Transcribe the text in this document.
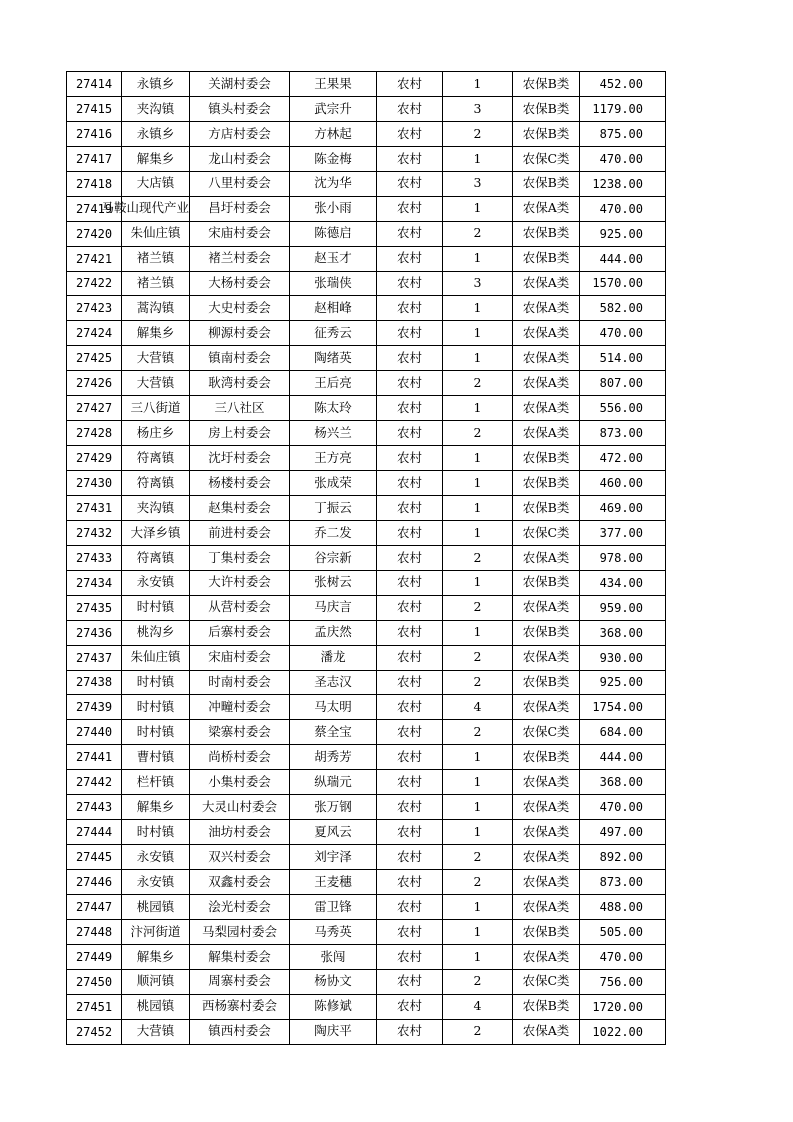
27414	永镇乡	关湖村委会	王果果	农村	1	农保B类	452.00
27415	夹沟镇	镇头村委会	武宗升	农村	3	农保B类	1179.00
27416	永镇乡	方店村委会	方林起	农村	2	农保B类	875.00
27417	解集乡	龙山村委会	陈金梅	农村	1	农保C类	470.00
27418	大店镇	八里村委会	沈为华	农村	3	农保B类	1238.00
27419	马鞍山现代产业	昌圩村委会	张小雨	农村	1	农保A类	470.00
27420	朱仙庄镇	宋庙村委会	陈德启	农村	2	农保B类	925.00
27421	褚兰镇	褚兰村委会	赵玉才	农村	1	农保B类	444.00
27422	褚兰镇	大杨村委会	张瑞侠	农村	3	农保A类	1570.00
27423	蒿沟镇	大史村委会	赵相峰	农村	1	农保A类	582.00
27424	解集乡	柳源村委会	征秀云	农村	1	农保A类	470.00
27425	大营镇	镇南村委会	陶绪英	农村	1	农保A类	514.00
27426	大营镇	耿湾村委会	王后亮	农村	2	农保A类	807.00
27427	三八街道	三八社区	陈太玲	农村	1	农保A类	556.00
27428	杨庄乡	房上村委会	杨兴兰	农村	2	农保A类	873.00
27429	符离镇	沈圩村委会	王方亮	农村	1	农保B类	472.00
27430	符离镇	杨楼村委会	张成荣	农村	1	农保B类	460.00
27431	夹沟镇	赵集村委会	丁振云	农村	1	农保B类	469.00
27432	大泽乡镇	前进村委会	乔二发	农村	1	农保C类	377.00
27433	符离镇	丁集村委会	谷宗新	农村	2	农保A类	978.00
27434	永安镇	大许村委会	张树云	农村	1	农保B类	434.00
27435	时村镇	从营村委会	马庆言	农村	2	农保A类	959.00
27436	桃沟乡	后寨村委会	孟庆然	农村	1	农保B类	368.00
27437	朱仙庄镇	宋庙村委会	潘龙	农村	2	农保A类	930.00
27438	时村镇	时南村委会	圣志汉	农村	2	农保B类	925.00
27439	时村镇	冲疃村委会	马太明	农村	4	农保A类	1754.00
27440	时村镇	梁寨村委会	蔡全宝	农村	2	农保C类	684.00
27441	曹村镇	尚桥村委会	胡秀芳	农村	1	农保B类	444.00
27442	栏杆镇	小集村委会	纵瑞元	农村	1	农保A类	368.00
27443	解集乡	大灵山村委会	张万钢	农村	1	农保A类	470.00
27444	时村镇	油坊村委会	夏风云	农村	1	农保A类	497.00
27445	永安镇	双兴村委会	刘宇泽	农村	2	农保A类	892.00
27446	永安镇	双鑫村委会	王麦穗	农村	2	农保A类	873.00
27447	桃园镇	浍光村委会	雷卫锋	农村	1	农保A类	488.00
27448	汴河街道	马梨园村委会	马秀英	农村	1	农保B类	505.00
27449	解集乡	解集村委会	张闯	农村	1	农保A类	470.00
27450	顺河镇	周寨村委会	杨协文	农村	2	农保C类	756.00
27451	桃园镇	西杨寨村委会	陈修斌	农村	4	农保B类	1720.00
27452	大营镇	镇西村委会	陶庆平	农村	2	农保A类	1022.00
